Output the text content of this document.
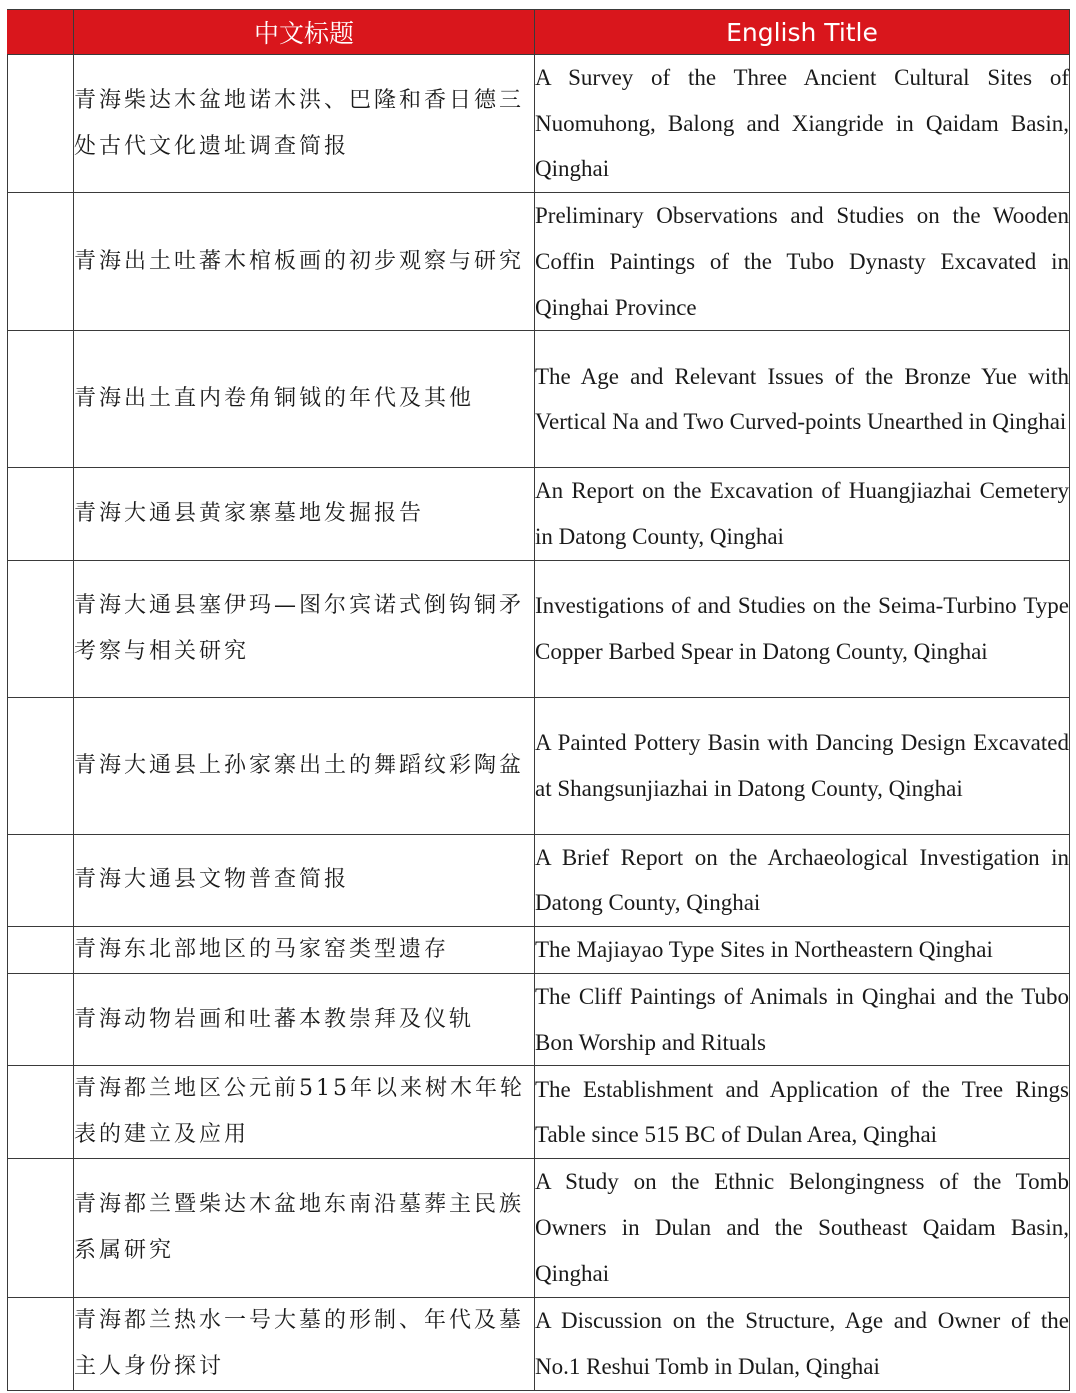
	中文标题	English Title
	青海柴达木盆地诺木洪、巴隆和香日德三处古代文化遗址调查简报	A Survey of the Three Ancient Cultural Sites of Nuomuhong, Balong and Xiangride in Qaidam Basin, Qinghai
	青海出土吐蕃木棺板画的初步观察与研究	Preliminary Observations and Studies on the Wooden Coffin Paintings of the Tubo Dynasty Excavated in Qinghai Province
	青海出土直内卷角铜钺的年代及其他	The Age and Relevant Issues of the Bronze Yue with Vertical Na and Two Curved-points Unearthed in Qinghai
	青海大通县黄家寨墓地发掘报告	An Report on the Excavation of Huangjiazhai Cemetery in Datong County, Qinghai
	青海大通县塞伊玛—图尔宾诺式倒钩铜矛考察与相关研究	Investigations of and Studies on the Seima-Turbino Type Copper Barbed Spear in Datong County, Qinghai
	青海大通县上孙家寨出土的舞蹈纹彩陶盆	A Painted Pottery Basin with Dancing Design Excavated at Shangsunjiazhai in Datong County, Qinghai
	青海大通县文物普查简报	A Brief Report on the Archaeological Investigation in Datong County, Qinghai
	青海东北部地区的马家窑类型遗存	The Majiayao Type Sites in Northeastern Qinghai
	青海动物岩画和吐蕃本教崇拜及仪轨	The Cliff Paintings of Animals in Qinghai and the Tubo Bon Worship and Rituals
	青海都兰地区公元前515年以来树木年轮表的建立及应用	The Establishment and Application of the Tree Rings Table since 515 BC of Dulan Area, Qinghai
	青海都兰暨柴达木盆地东南沿墓葬主民族系属研究	A Study on the Ethnic Belongingness of the Tomb Owners in Dulan and the Southeast Qaidam Basin, Qinghai
	青海都兰热水一号大墓的形制、年代及墓主人身份探讨	A Discussion on the Structure, Age and Owner of the No.1 Reshui Tomb in Dulan, Qinghai
